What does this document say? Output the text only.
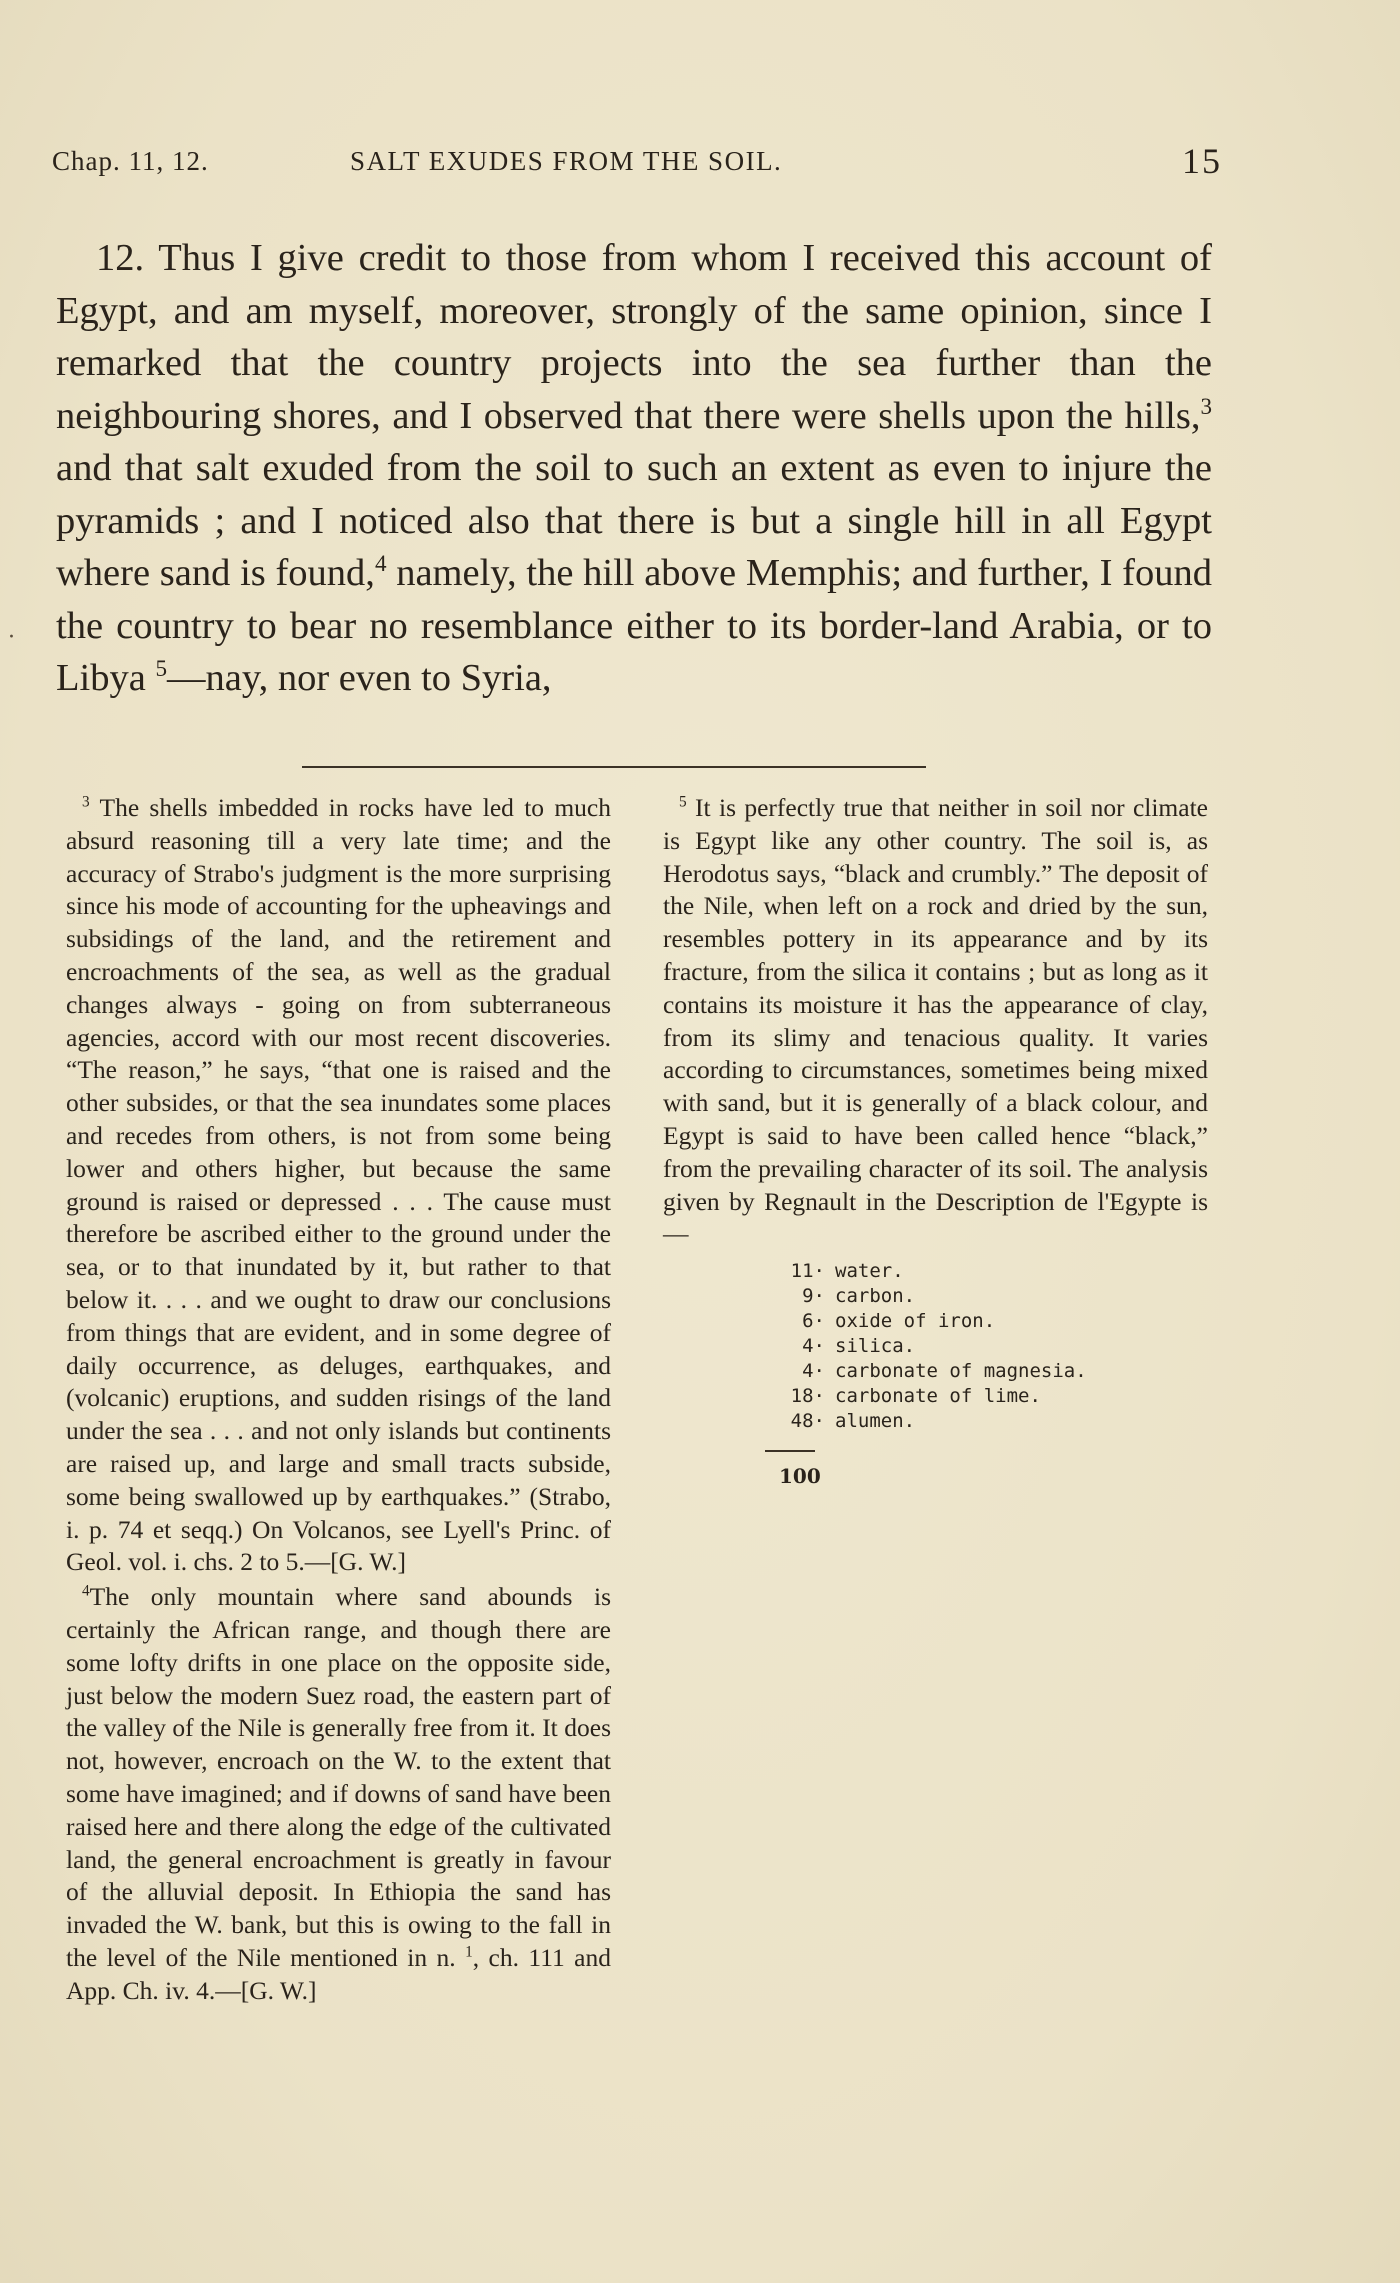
Chap. 11, 12.	SALT EXUDES FROM THE SOIL.	15
·

12. Thus I give credit to those from whom I received this account of Egypt, and am myself, moreover, strongly of the same opinion, since I remarked that the country projects into the sea further than the neighbouring shores, and I observed that there were shells upon the hills,$^3$ and that salt exuded from the soil to such an extent as even to injure the pyramids ; and I noticed also that there is but a single hill in all Egypt where sand is found,$^4$ namely, the hill above Memphis; and further, I found the country to bear no resemblance either to its border-land Arabia, or to Libya $^5$—nay, nor even to Syria,

$^3$ The shells imbedded in rocks have led to much absurd reasoning till a very late time; and the accuracy of Strabo's judgment is the more surprising since his mode of accounting for the upheavings and subsidings of the land, and the retirement and encroachments of the sea, as well as the gradual changes always - going on from subterraneous agencies, accord with our most recent discoveries. “The reason,” he says, “that one is raised and the other subsides, or that the sea inundates some places and recedes from others, is not from some being lower and others higher, but because the same ground is raised or depressed . . . The cause must therefore be ascribed either to the ground under the sea, or to that inundated by it, but rather to that below it. . . . and we ought to draw our conclusions from things that are evident, and in some degree of daily occurrence, as deluges, earthquakes, and (volcanic) eruptions, and sudden risings of the land under the sea . . . and not only islands but continents are raised up, and large and small tracts subside, some being swallowed up by earthquakes.” (Strabo, i. p. 74 et seqq.) On Volcanos, see Lyell's Princ. of Geol. vol. i. chs. 2 to 5.—[G. W.]

$^4$The only mountain where sand abounds is certainly the African range, and though there are some lofty drifts in one place on the opposite side, just below the modern Suez road, the eastern part of the valley of the Nile is generally free from it. It does not, however, encroach on the W. to the extent that some have imagined; and if downs of sand have been raised here and there along the edge of the cultivated land, the general encroachment is greatly in favour of the alluvial deposit. In Ethiopia the sand has invaded the W. bank, but this is owing to the fall in the level of the Nile mentioned in n. $^1$, ch. 111 and App. Ch. iv. 4.—[G. W.]

$^5$ It is perfectly true that neither in soil nor climate is Egypt like any other country. The soil is, as Herodotus says, “black and crumbly.” The deposit of the Nile, when left on a rock and dried by the sun, resembles pottery in its appearance and by its fracture, from the silica it contains ; but as long as it contains its moisture it has the appearance of clay, from its slimy and tenacious quality. It varies according to circumstances, sometimes being mixed with sand, but it is generally of a black colour, and Egypt is said to have been called hence “black,” from the prevailing character of its soil. The analysis given by Regnault in the Description de l'Egypte is—

11· water.
9· carbon.
6· oxide of iron.
4· silica.
4· carbonate of magnesia.
18· carbonate of lime.
48· alumen.
100
